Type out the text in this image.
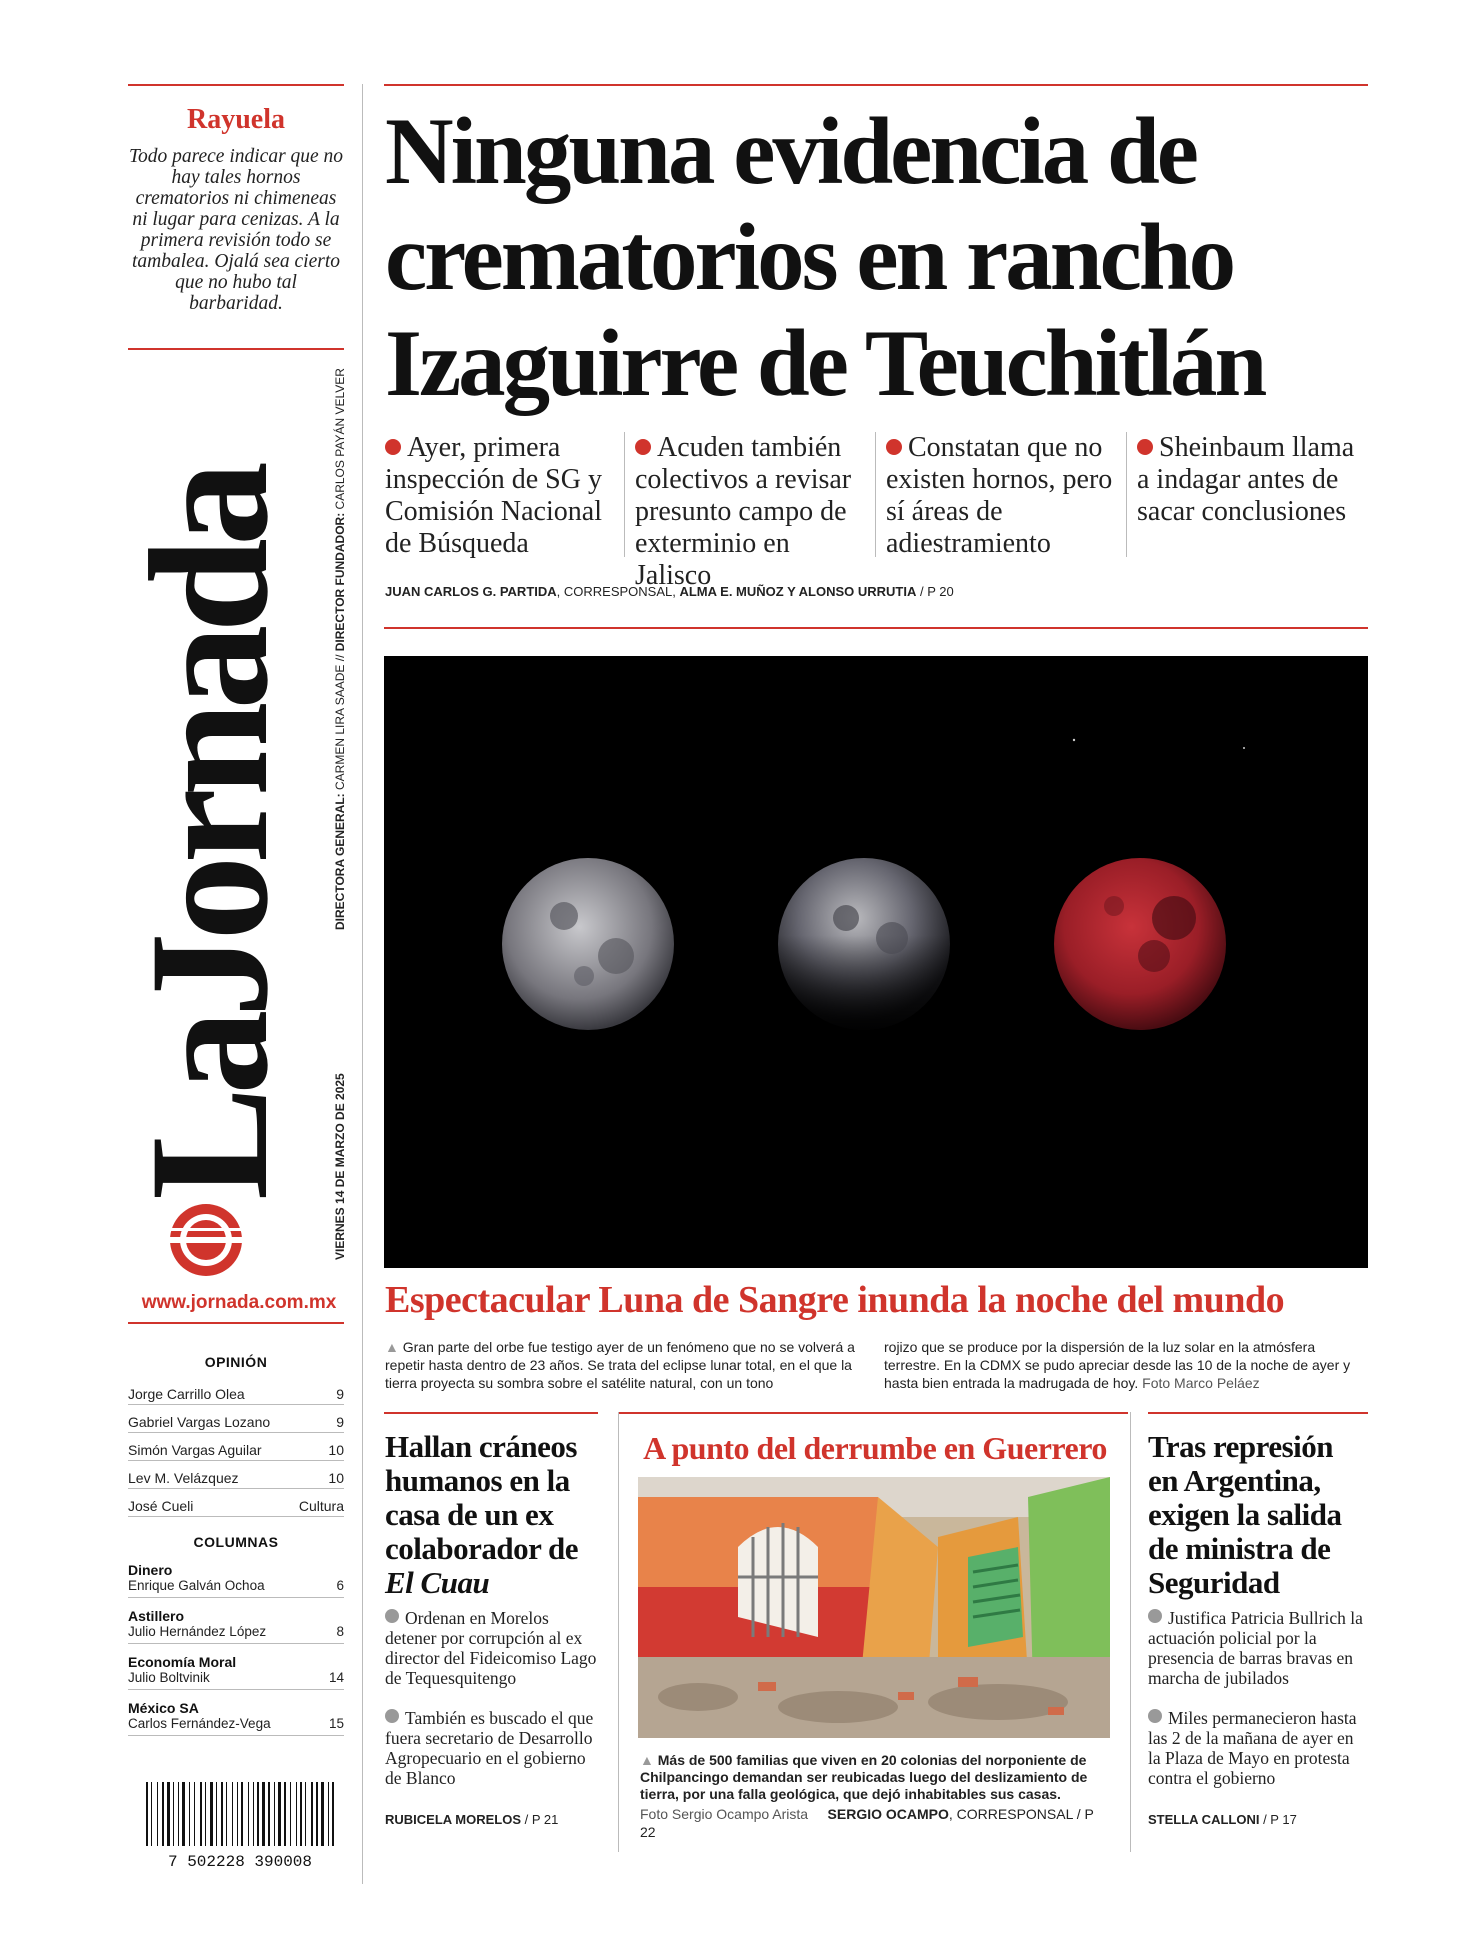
Rayuela
Todo parece indicar que no hay tales hornos crematorios ni chimeneas ni lugar para cenizas. A la primera revisión todo se tambalea. Ojalá sea cierto que no hubo tal barbaridad.
LaJornada	DIRECTORA GENERAL: CARMEN LIRA SAADE // DIRECTOR FUNDADOR: CARLOS PAYÁN VELVER
VIERNES 14 DE MARZO DE 2025
www.jornada.com.mx
OPINIÓN
Jorge Carrillo Olea	9
Gabriel Vargas Lozano	9
Simón Vargas Aguilar	10
Lev M. Velázquez	10
José Cueli	Cultura
COLUMNAS
Dinero
Enrique Galván Ochoa	6
Astillero
Julio Hernández López	8
Economía Moral
Julio Boltvinik	14
México SA
Carlos Fernández-Vega	15
7 502228 390008
Ninguna evidencia de crematorios en rancho Izaguirre de Teuchitlán
Ayer, primera inspección de SG y Comisión Nacional de Búsqueda
Acuden también colectivos a revisar presunto campo de exterminio en Jalisco
Constatan que no existen hornos, pero sí áreas de adiestramiento
Sheinbaum llama a indagar antes de sacar conclusiones
JUAN CARLOS G. PARTIDA, CORRESPONSAL, ALMA E. MUÑOZ Y ALONSO URRUTIA / P 20
Espectacular Luna de Sangre inunda la noche del mundo
▲ Gran parte del orbe fue testigo ayer de un fenómeno que no se volverá a repetir hasta dentro de 23 años. Se trata del eclipse lunar total, en el que la tierra proyecta su sombra sobre el satélite natural, con un tono
rojizo que se produce por la dispersión de la luz solar en la atmósfera terrestre. En la CDMX se pudo apreciar desde las 10 de la noche de ayer y hasta bien entrada la madrugada de hoy. Foto Marco Peláez
Hallan cráneos humanos en la casa de un ex colaborador de El Cuau
Ordenan en Morelos detener por corrupción al ex director del Fideicomiso Lago de Tequesquitengo
También es buscado el que fuera secretario de Desarrollo Agropecuario en el gobierno de Blanco
RUBICELA MORELOS / P 21
A punto del derrumbe en Guerrero
▲ Más de 500 familias que viven en 20 colonias del norponiente de Chilpancingo demandan ser reubicadas luego del deslizamiento de tierra, por una falla geológica, que dejó inhabitables sus casas.
Foto Sergio Ocampo Arista SERGIO OCAMPO, CORRESPONSAL / P 22
Tras represión en Argentina, exigen la salida de ministra de Seguridad
Justifica Patricia Bullrich la actuación policial por la presencia de barras bravas en marcha de jubilados
Miles permanecieron hasta las 2 de la mañana de ayer en la Plaza de Mayo en protesta contra el gobierno
STELLA CALLONI / P 17
